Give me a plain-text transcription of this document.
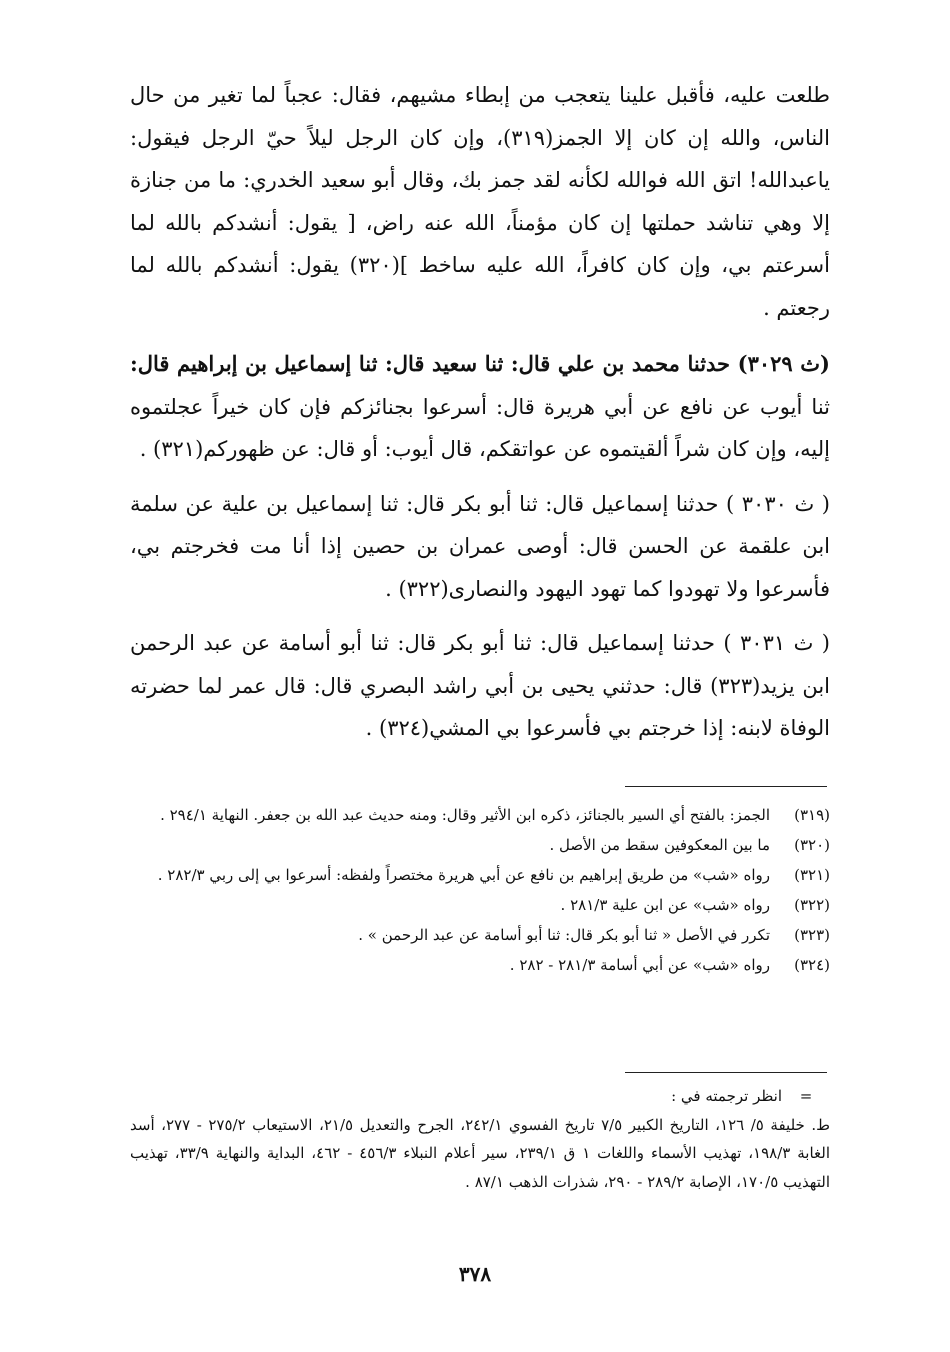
طلعت عليه، فأقبل علينا يتعجب من إبطاء مشيهم، فقال: عجباً لما تغير من حال الناس، والله إن كان إلا الجمز(٣١٩)، وإن كان الرجل ليلاً حيّ الرجل فيقول: ياعبدالله! اتق الله فوالله لكأنه لقد جمز بك، وقال أبو سعيد الخدري: ما من جنازة إلا وهي تناشد حملتها إن كان مؤمناً، الله عنه راض، [ يقول: أنشدكم بالله لما أسرعتم بي، وإن كان كافراً، الله عليه ساخط ](٣٢٠) يقول: أنشدكم بالله لما رجعتم .

(ث ٣٠٢٩) حدثنا محمد بن علي قال: ثنا سعيد قال: ثنا إسماعيل بن إبراهيم قال: ثنا أيوب عن نافع عن أبي هريرة قال: أسرعوا بجنائزكم فإن كان خيراً عجلتموه إليه، وإن كان شراً ألقيتموه عن عواتقكم، قال أيوب: أو قال: عن ظهوركم(٣٢١) .

( ث ٣٠٣٠ ) حدثنا إسماعيل قال: ثنا أبو بكر قال: ثنا إسماعيل بن علية عن سلمة ابن علقمة عن الحسن قال: أوصى عمران بن حصين إذا أنا مت فخرجتم بي، فأسرعوا ولا تهودوا كما تهود اليهود والنصارى(٣٢٢) .

( ث ٣٠٣١ ) حدثنا إسماعيل قال: ثنا أبو بكر قال: ثنا أبو أسامة عن عبد الرحمن ابن يزيد(٣٢٣) قال: حدثني يحيى بن أبي راشد البصري قال: قال عمر لما حضرته الوفاة لابنه: إذا خرجتم بي فأسرعوا بي المشي(٣٢٤) .

(٣١٩)
الجمز: بالفتح أي السير بالجنائز، ذكره ابن الأثير وقال: ومنه حديث عبد الله بن جعفر. النهاية ٢٩٤/١ .
(٣٢٠)
ما بين المعكوفين سقط من الأصل .
(٣٢١)
رواه «شب» من طريق إبراهيم بن نافع عن أبي هريرة مختصراً ولفظه: أسرعوا بي إلى ربي ٢٨٢/٣ .
(٣٢٢)
رواه «شب» عن ابن علية ٢٨١/٣ .
(٣٢٣)
تكرر في الأصل « ثنا أبو بكر قال: ثنا أبو أسامة عن عبد الرحمن » .
(٣٢٤)
رواه «شب» عن أبي أسامة ٢٨١/٣ - ٢٨٢ .
=
انظر ترجمته في :
ط. خليفة ٥/ ١٢٦، التاريخ الكبير ٧/٥ تاريخ الفسوي ٢٤٢/١، الجرح والتعديل ٢١/٥، الاستيعاب ٢٧٥/٢ - ٢٧٧، أسد الغابة ١٩٨/٣، تهذيب الأسماء واللغات ١ ق ٢٣٩/١، سير أعلام النبلاء ٤٥٦/٣ - ٤٦٢، البداية والنهاية ٣٣/٩، تهذيب التهذيب ١٧٠/٥، الإصابة ٢٨٩/٢ - ٢٩٠، شذرات الذهب ٨٧/١ .
٣٧٨
